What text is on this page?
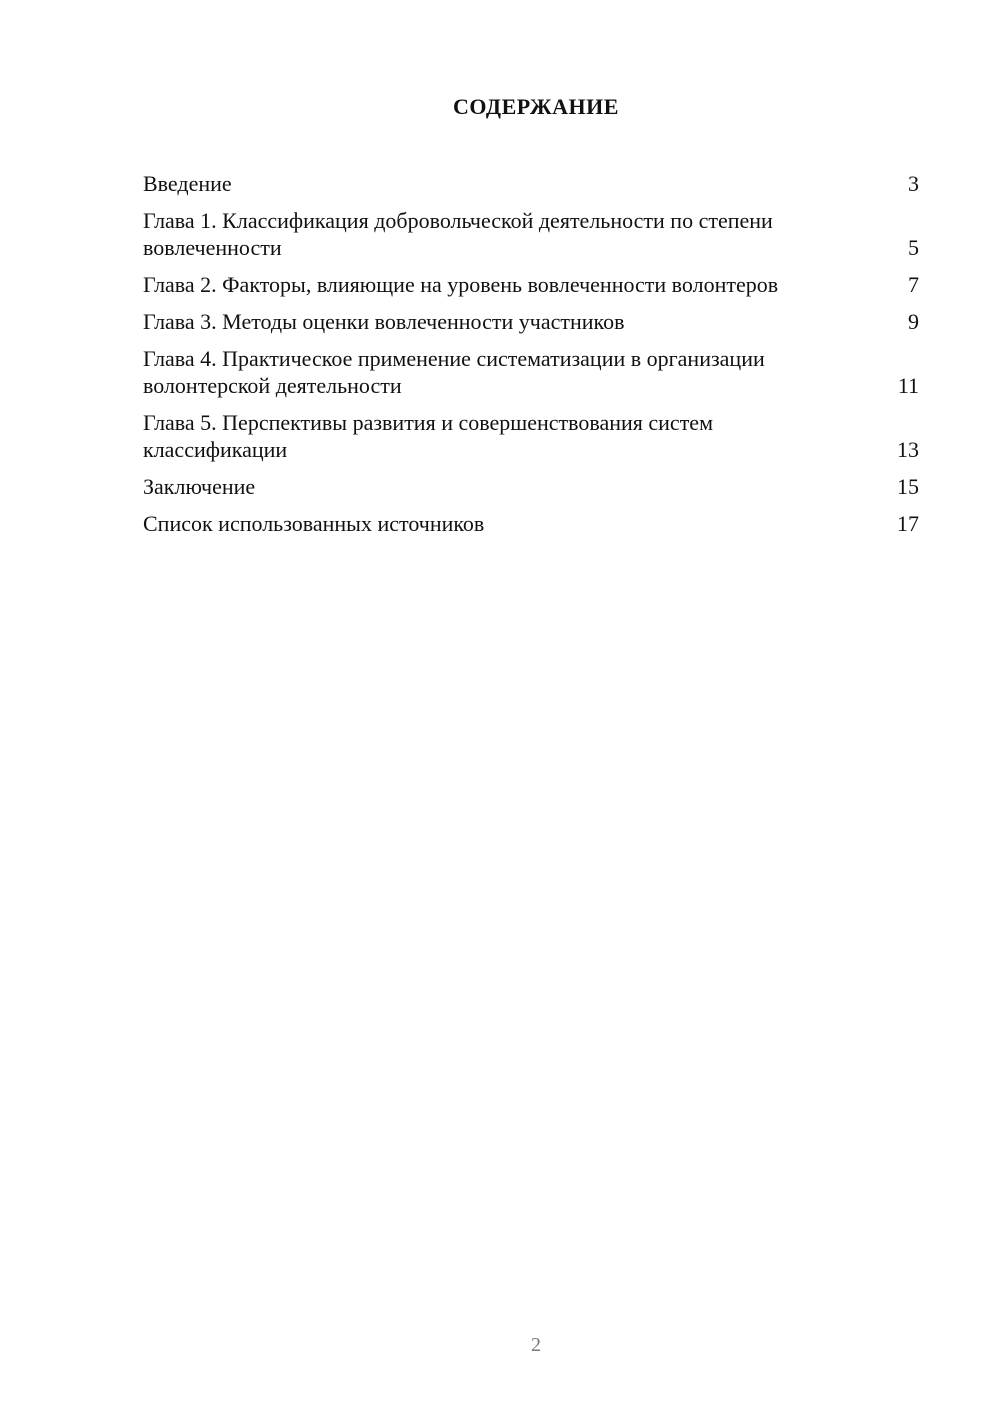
СОДЕРЖАНИЕ
Введение	3
Глава 1. Классификация добровольческой деятельности по степени вовлеченности	5
Глава 2. Факторы, влияющие на уровень вовлеченности волонтеров	7
Глава 3. Методы оценки вовлеченности участников	9
Глава 4. Практическое применение систематизации в организации волонтерской деятельности	11
Глава 5. Перспективы развития и совершенствования систем классификации	13
Заключение	15
Список использованных источников	17
2
